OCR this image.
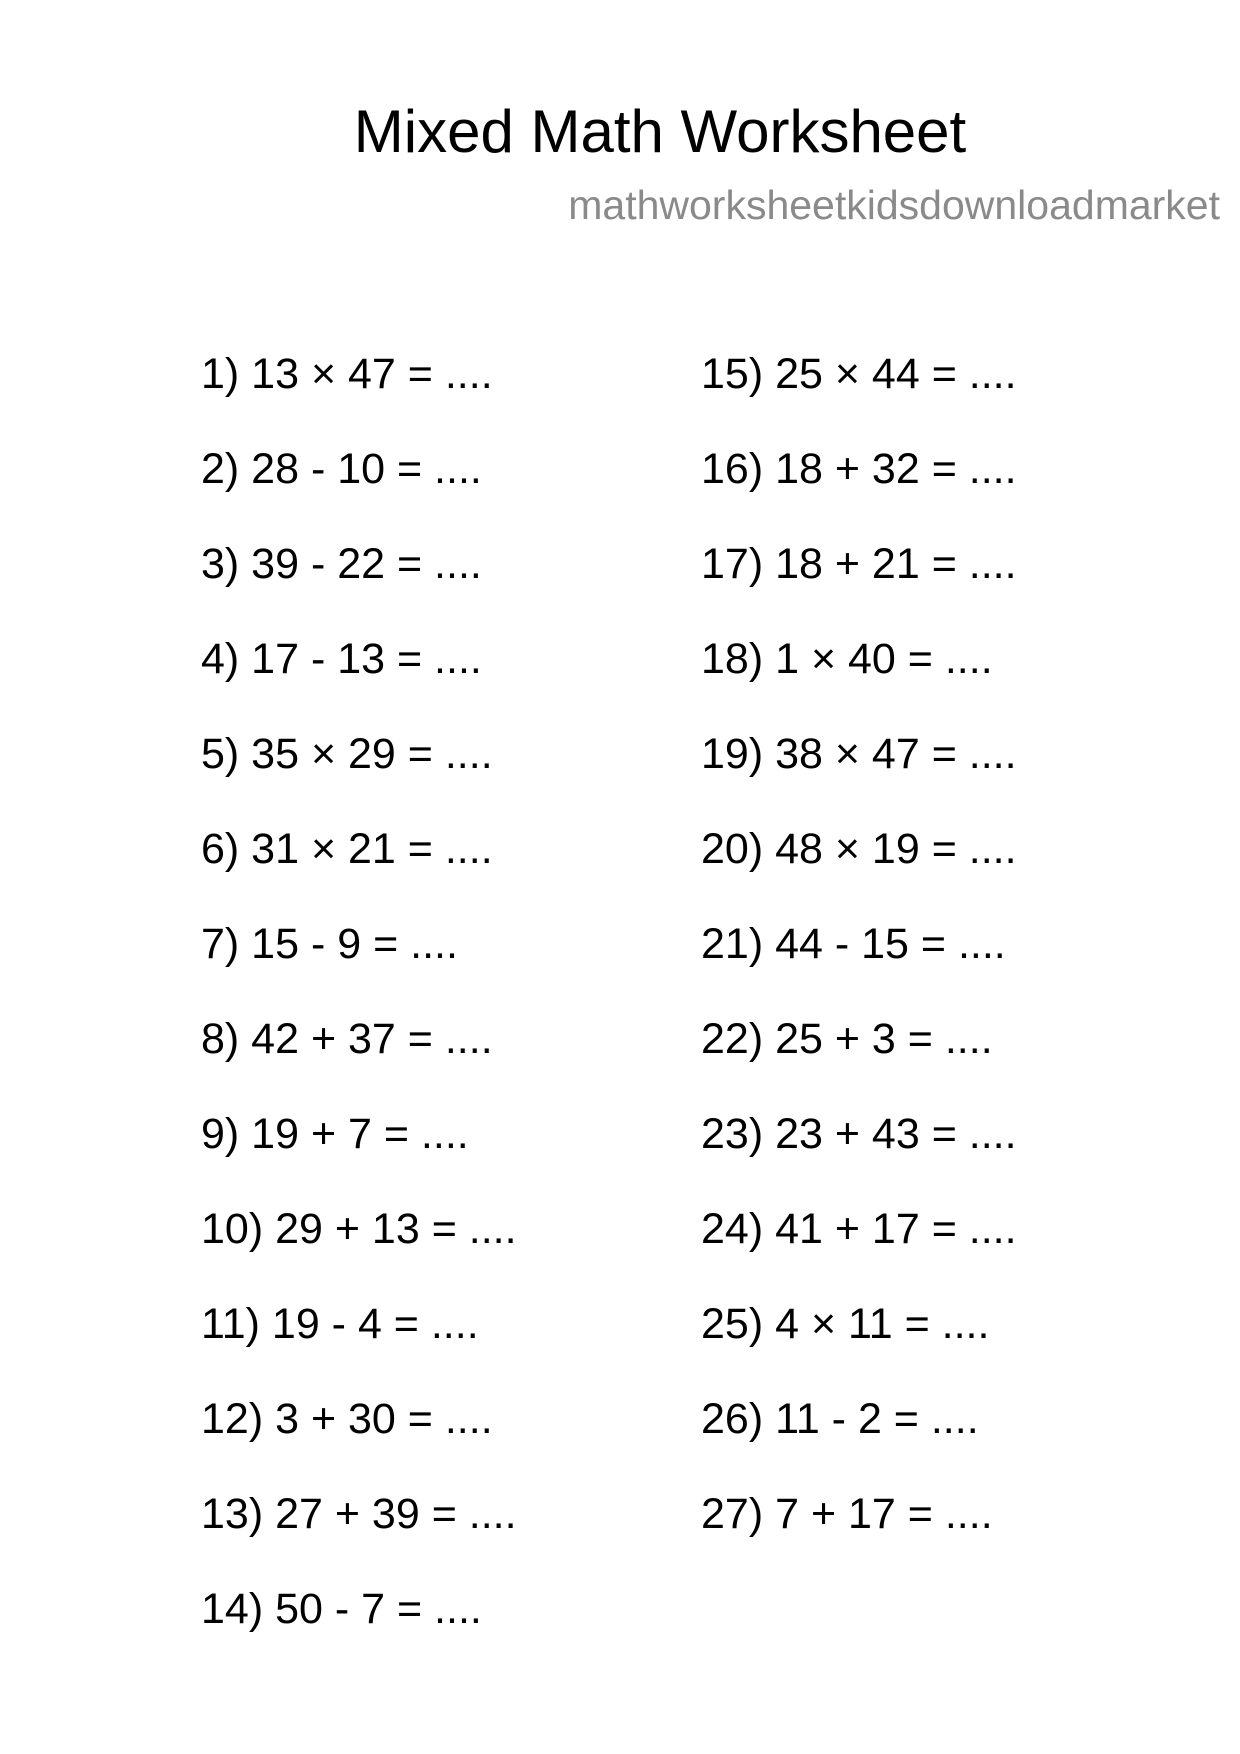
Mixed Math Worksheet
mathworksheetkidsdownloadmarket
1) 13 × 47 = ....
2) 28 - 10 = ....
3) 39 - 22 = ....
4) 17 - 13 = ....
5) 35 × 29 = ....
6) 31 × 21 = ....
7) 15 - 9 = ....
8) 42 + 37 = ....
9) 19 + 7 = ....
10) 29 + 13 = ....
11) 19 - 4 = ....
12) 3 + 30 = ....
13) 27 + 39 = ....
14) 50 - 7 = ....
15) 25 × 44 = ....
16) 18 + 32 = ....
17) 18 + 21 = ....
18) 1 × 40 = ....
19) 38 × 47 = ....
20) 48 × 19 = ....
21) 44 - 15 = ....
22) 25 + 3 = ....
23) 23 + 43 = ....
24) 41 + 17 = ....
25) 4 × 11 = ....
26) 11 - 2 = ....
27) 7 + 17 = ....
